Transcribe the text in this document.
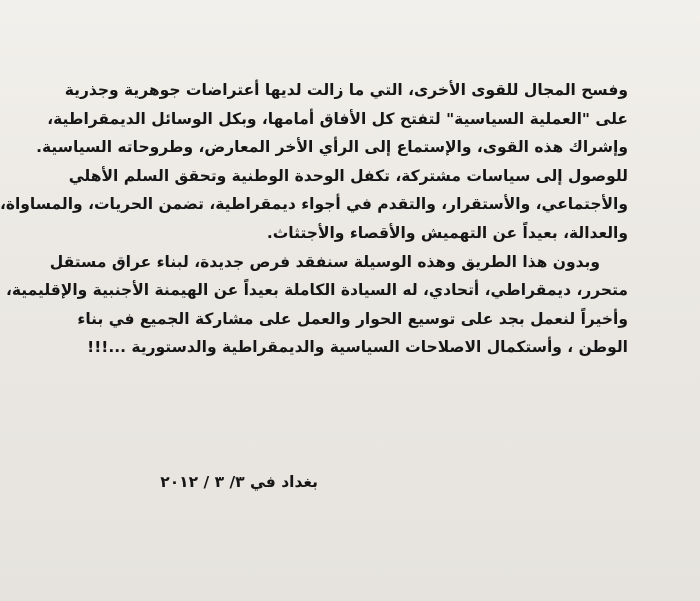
وفسح المجال للقوى الأخرى، التي ما زالت لديها أعتراضات جوهرية وجذرية
على "العملية السياسية" لتفتح كل الأفاق أمامها، وبكل الوسائل الديمقراطية،
وإشراك هذه القوى، والإستماع إلى الرأي الأخر المعارض، وطروحاته السياسية.
للوصول إلى سياسات مشتركة، تكفل الوحدة الوطنية وتحقق السلم الأهلي
والأجتماعي، والأستقرار، والتقدم في أجواء ديمقراطية، تضمن الحريات، والمساواة،
والعدالة، بعيداً عن التهميش والأقصاء والأجتثاث.
وبدون هذا الطريق وهذه الوسيلة سنفقد فرص جديدة، لبناء عراق مستقل
متحرر، ديمقراطي، أتحادي، له السيادة الكاملة بعيداً عن الهيمنة الأجنبية والإقليمية،
وأخيراً لنعمل بجد على توسيع الحوار والعمل على مشاركة الجميع في بناء
الوطن ، وأستكمال الاصلاحات السياسية والديمقراطية والدستورية ...!!!
بغداد في ٣/ ٣ / ٢٠١٢
